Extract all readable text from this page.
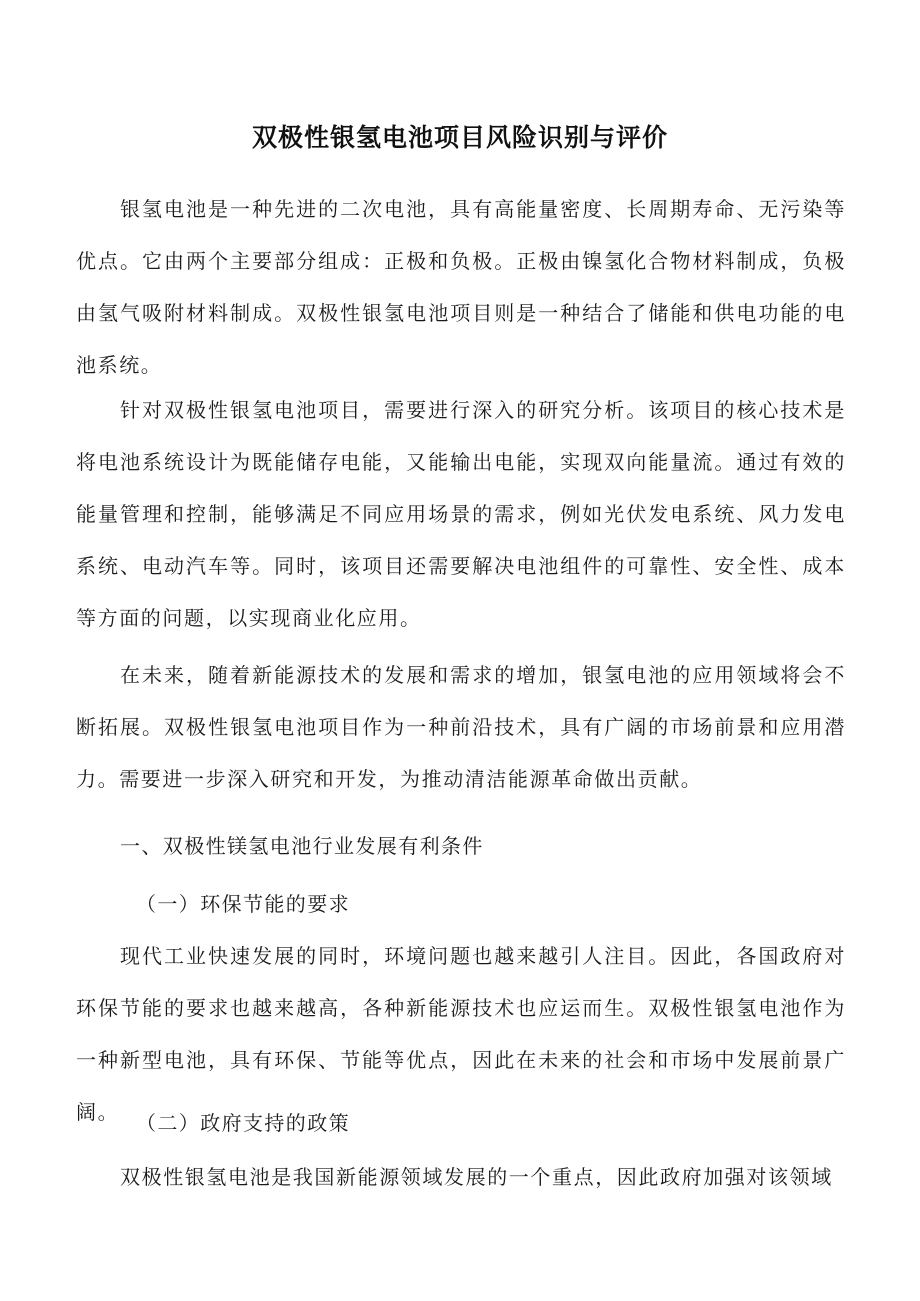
双极性银氢电池项目风险识别与评价

银氢电池是一种先进的二次电池，具有高能量密度、长周期寿命、无污染等优点。它由两个主要部分组成：正极和负极。正极由镍氢化合物材料制成，负极由氢气吸附材料制成。双极性银氢电池项目则是一种结合了储能和供电功能的电池系统。

针对双极性银氢电池项目，需要进行深入的研究分析。该项目的核心技术是将电池系统设计为既能储存电能，又能输出电能，实现双向能量流。通过有效的能量管理和控制，能够满足不同应用场景的需求，例如光伏发电系统、风力发电系统、电动汽车等。同时，该项目还需要解决电池组件的可靠性、安全性、成本等方面的问题，以实现商业化应用。

在未来，随着新能源技术的发展和需求的增加，银氢电池的应用领域将会不断拓展。双极性银氢电池项目作为一种前沿技术，具有广阔的市场前景和应用潜力。需要进一步深入研究和开发，为推动清洁能源革命做出贡献。

一、双极性镁氢电池行业发展有利条件

（一）环保节能的要求

现代工业快速发展的同时，环境问题也越来越引人注目。因此，各国政府对环保节能的要求也越来越高，各种新能源技术也应运而生。双极性银氢电池作为一种新型电池，具有环保、节能等优点，因此在未来的社会和市场中发展前景广阔。 （二）政府支持的政策

双极性银氢电池是我国新能源领域发展的一个重点，因此政府加强对该领域
